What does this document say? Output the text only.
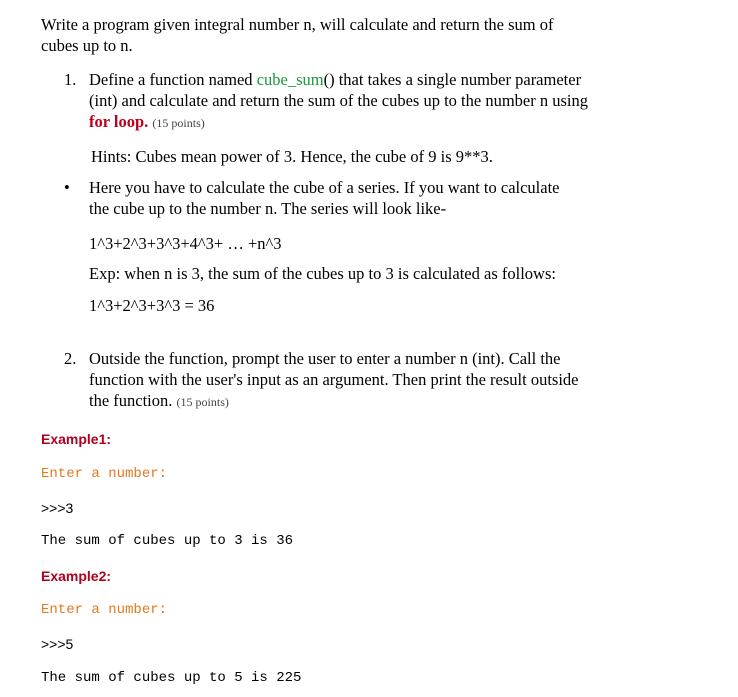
Write a program given integral number n, will calculate and return the sum of
cubes up to n.
1. Define a function named cube_sum() that takes a single number parameter
(int) and calculate and return the sum of the cubes up to the number n using
for loop. (15 points)
Hints: Cubes mean power of 3. Hence, the cube of 9 is 9**3.
• Here you have to calculate the cube of a series. If you want to calculate
the cube up to the number n. The series will look like-
1^3+2^3+3^3+4^3+ … +n^3
Exp: when n is 3, the sum of the cubes up to 3 is calculated as follows:
1^3+2^3+3^3 = 36
2. Outside the function, prompt the user to enter a number n (int). Call the
function with the user's input as an argument. Then print the result outside
the function. (15 points)
Example1:
Enter a number:
>>>3
The sum of cubes up to 3 is 36
Example2:
Enter a number:
>>>5
The sum of cubes up to 5 is 225
